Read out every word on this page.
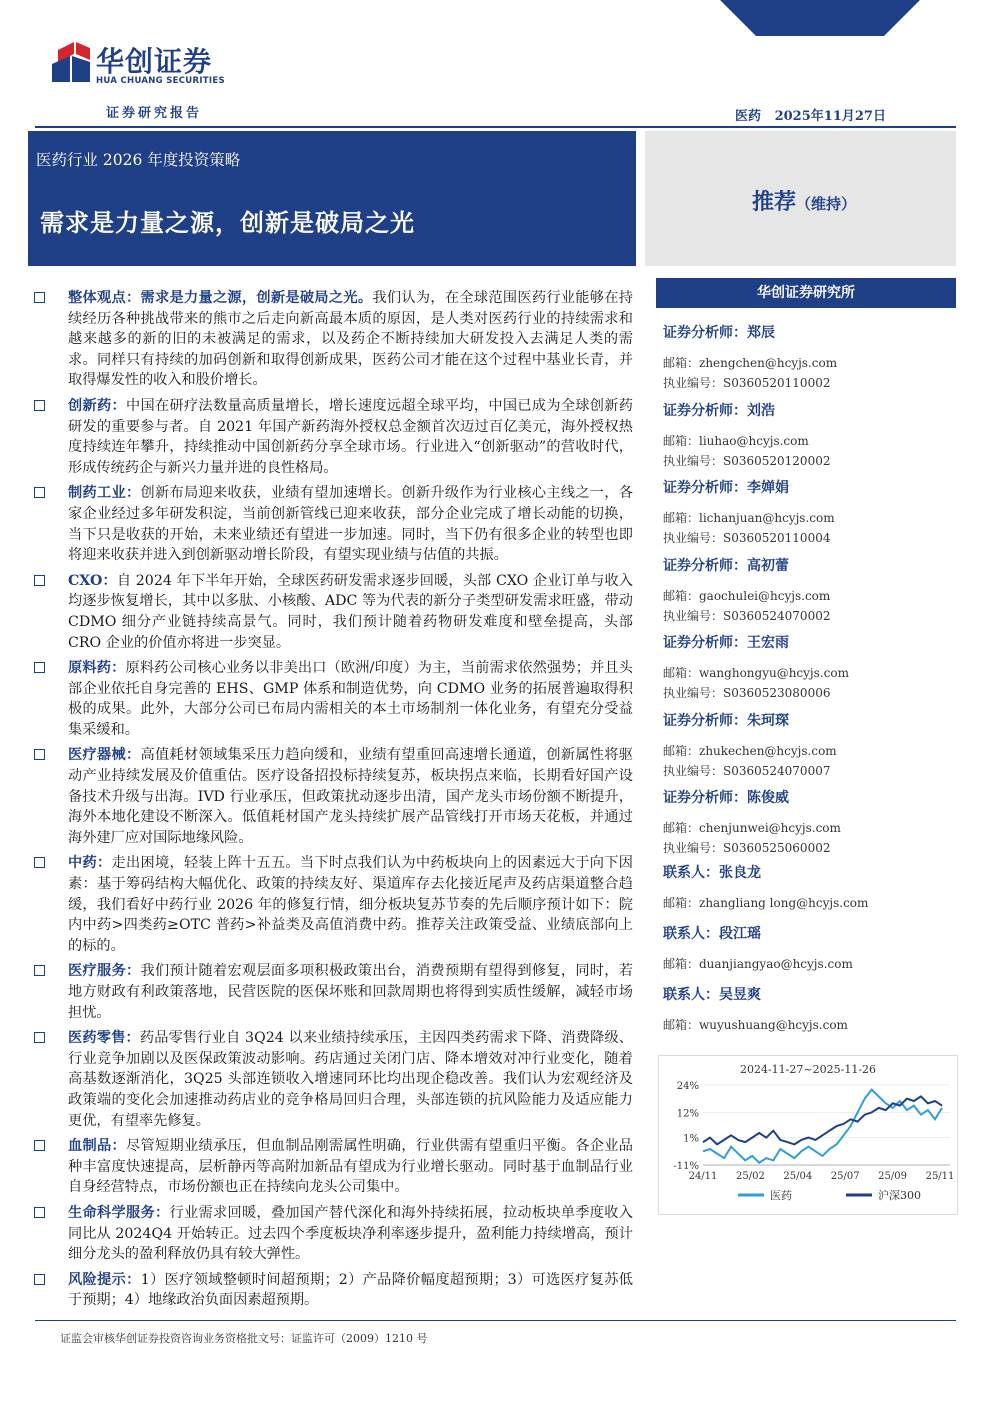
华创证券
HUA CHUANG SECURITIES
证券研究报告	医药 2025年11月27日
医药行业 2026 年度投资策略
需求是力量之源，创新是破局之光
推荐（维持）
华创证券研究所
证券分析师：郑辰
邮箱：zhengchen@hcyjs.com
执业编号：S0360520110002
证券分析师：刘浩
邮箱：liuhao@hcyjs.com
执业编号：S0360520120002
证券分析师：李婵娟
邮箱：lichanjuan@hcyjs.com
执业编号：S0360520110004
证券分析师：高初蕾
邮箱：gaochulei@hcyjs.com
执业编号：S0360524070002
证券分析师：王宏雨
邮箱：wanghongyu@hcyjs.com
执业编号：S0360523080006
证券分析师：朱珂琛
邮箱：zhukechen@hcyjs.com
执业编号：S0360524070007
证券分析师：陈俊威
邮箱：chenjunwei@hcyjs.com
执业编号：S0360525060002
联系人：张良龙
邮箱：zhangliang long@hcyjs.com
联系人：段江瑶
邮箱：duanjiangyao@hcyjs.com
联系人：吴昱爽
邮箱：wuyushuang@hcyjs.com
整体观点：需求是力量之源，创新是破局之光。我们认为，在全球范围医药行业能够在持续经历各种挑战带来的熊市之后走向新高最本质的原因，是人类对医药行业的持续需求和越来越多的新的旧的未被满足的需求，以及药企不断持续加大研发投入去满足人类的需求。同样只有持续的加码创新和取得创新成果，医药公司才能在这个过程中基业长青，并取得爆发性的收入和股价增长。
创新药：中国在研疗法数量高质量增长，增长速度远超全球平均，中国已成为全球创新药研发的重要参与者。自 2021 年国产新药海外授权总金额首次迈过百亿美元，海外授权热度持续连年攀升，持续推动中国创新药分享全球市场。行业进入“创新驱动”的营收时代，形成传统药企与新兴力量并进的良性格局。
制药工业：创新布局迎来收获，业绩有望加速增长。创新升级作为行业核心主线之一，各家企业经过多年研发积淀，当前创新管线已迎来收获，部分企业完成了增长动能的切换，当下只是收获的开始，未来业绩还有望进一步加速。同时，当下仍有很多企业的转型也即将迎来收获并进入到创新驱动增长阶段，有望实现业绩与估值的共振。
CXO：自 2024 年下半年开始，全球医药研发需求逐步回暖，头部 CXO 企业订单与收入均逐步恢复增长，其中以多肽、小核酸、ADC 等为代表的新分子类型研发需求旺盛，带动 CDMO 细分产业链持续高景气。同时，我们预计随着药物研发难度和壁垒提高，头部 CRO 企业的价值亦将进一步突显。
原料药：原料药公司核心业务以非美出口（欧洲/印度）为主，当前需求依然强势；并且头部企业依托自身完善的 EHS、GMP 体系和制造优势，向 CDMO 业务的拓展普遍取得积极的成果。此外，大部分公司已布局内需相关的本土市场制剂一体化业务，有望充分受益集采缓和。
医疗器械：高值耗材领域集采压力趋向缓和，业绩有望重回高速增长通道，创新属性将驱动产业持续发展及价值重估。医疗设备招投标持续复苏，板块拐点来临，长期看好国产设备技术升级与出海。IVD 行业承压，但政策扰动逐步出清，国产龙头市场份额不断提升，海外本地化建设不断深入。低值耗材国产龙头持续扩展产品管线打开市场天花板，并通过海外建厂应对国际地缘风险。
中药：走出困境，轻装上阵十五五。当下时点我们认为中药板块向上的因素远大于向下因素：基于筹码结构大幅优化、政策的持续友好、渠道库存去化接近尾声及药店渠道整合趋缓，我们看好中药行业 2026 年的修复行情，细分板块复苏节奏的先后顺序预计如下：院内中药>四类药≥OTC 普药>补益类及高值消费中药。推荐关注政策受益、业绩底部向上的标的。
医疗服务：我们预计随着宏观层面多项积极政策出台，消费预期有望得到修复，同时，若地方财政有利政策落地，民营医院的医保坏账和回款周期也将得到实质性缓解，减轻市场担忧。
医药零售：药品零售行业自 3Q24 以来业绩持续承压，主因四类药需求下降、消费降级、行业竞争加剧以及医保政策波动影响。药店通过关闭门店、降本增效对冲行业变化，随着高基数逐渐消化，3Q25 头部连锁收入增速同环比均出现企稳改善。我们认为宏观经济及政策端的变化会加速推动药店业的竞争格局回归合理，头部连锁的抗风险能力及适应能力更优，有望率先修复。
血制品：尽管短期业绩承压，但血制品刚需属性明确，行业供需有望重归平衡。各企业品种丰富度快速提高，层析静丙等高附加新品有望成为行业增长驱动。同时基于血制品行业自身经营特点，市场份额也正在持续向龙头公司集中。
生命科学服务：行业需求回暖，叠加国产替代深化和海外持续拓展，拉动板块单季度收入同比从 2024Q4 开始转正。过去四个季度板块净利率逐步提升，盈利能力持续增高，预计细分龙头的盈利释放仍具有较大弹性。
风险提示：1）医疗领域整顿时间超预期；2）产品降价幅度超预期；3）可选医疗复苏低于预期；4）地缘政治负面因素超预期。
2024-11-27~2025-11-26
24%
12%
1%
-11%
24/11 25/02 25/04 25/07 25/09 25/11
医药	沪深300
证监会审核华创证券投资咨询业务资格批文号：证监许可（2009）1210 号
